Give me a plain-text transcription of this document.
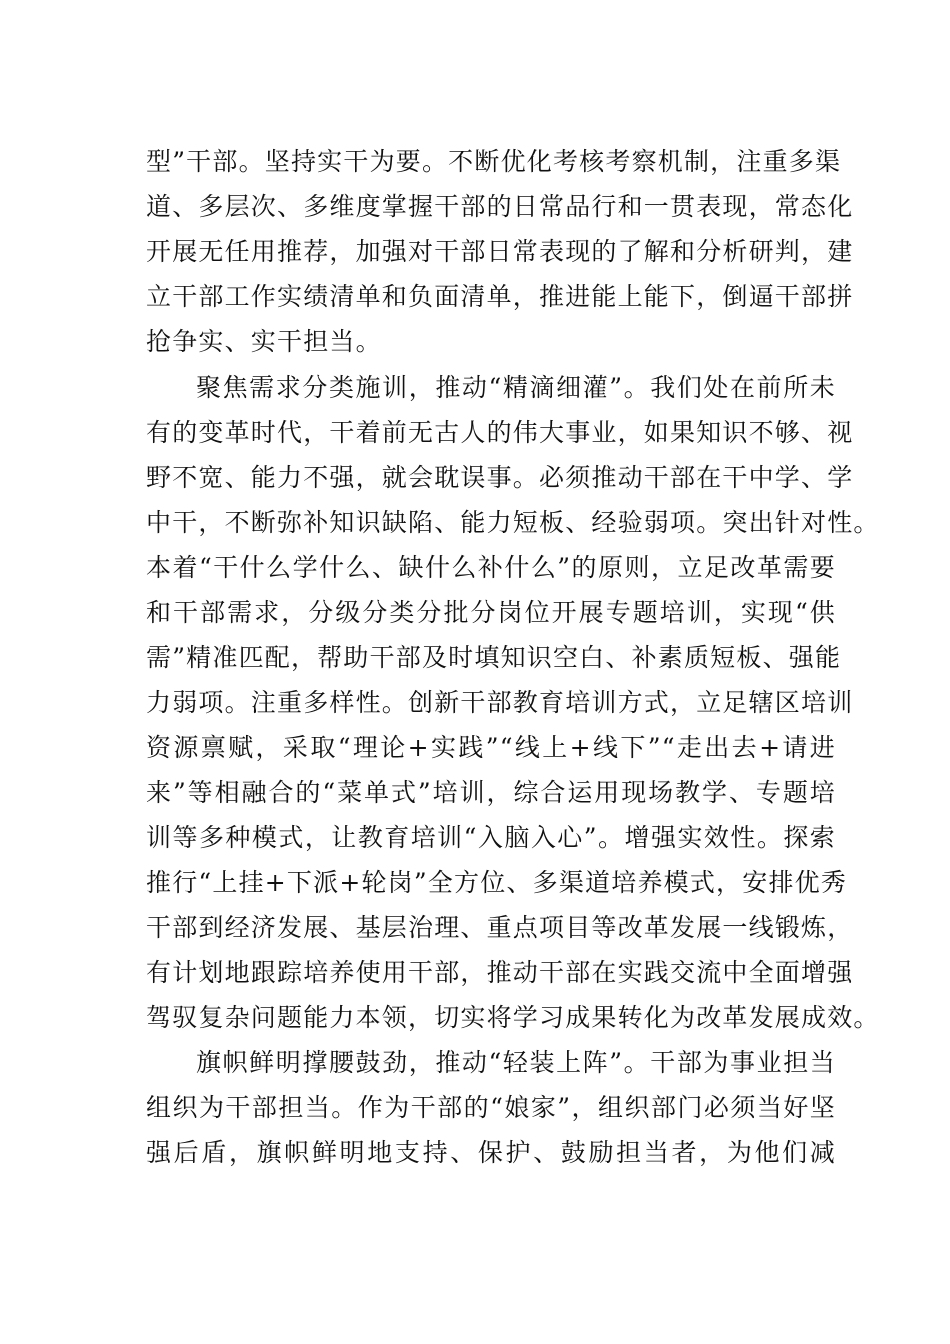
型”干部。坚持实干为要。不断优化考核考察机制，注重多渠
道、多层次、多维度掌握干部的日常品行和一贯表现，常态化
开展无任用推荐，加强对干部日常表现的了解和分析研判，建
立干部工作实绩清单和负面清单，推进能上能下，倒逼干部拼
抢争实、实干担当。
聚焦需求分类施训，推动“精滴细灌”。我们处在前所未
有的变革时代，干着前无古人的伟大事业，如果知识不够、视
野不宽、能力不强，就会耽误事。必须推动干部在干中学、学
中干，不断弥补知识缺陷、能力短板、经验弱项。突出针对性。
本着“干什么学什么、缺什么补什么”的原则，立足改革需要
和干部需求，分级分类分批分岗位开展专题培训，实现“供
需”精准匹配，帮助干部及时填知识空白、补素质短板、强能
力弱项。注重多样性。创新干部教育培训方式，立足辖区培训
资源禀赋，采取“理论+实践”“线上+线下”“走出去+请进
来”等相融合的“菜单式”培训，综合运用现场教学、专题培
训等多种模式，让教育培训“入脑入心”。增强实效性。探索
推行“上挂+下派+轮岗”全方位、多渠道培养模式，安排优秀
干部到经济发展、基层治理、重点项目等改革发展一线锻炼，
有计划地跟踪培养使用干部，推动干部在实践交流中全面增强
驾驭复杂问题能力本领，切实将学习成果转化为改革发展成效。
旗帜鲜明撑腰鼓劲，推动“轻装上阵”。干部为事业担当
组织为干部担当。作为干部的“娘家”，组织部门必须当好坚
强后盾，旗帜鲜明地支持、保护、鼓励担当者，为他们减
